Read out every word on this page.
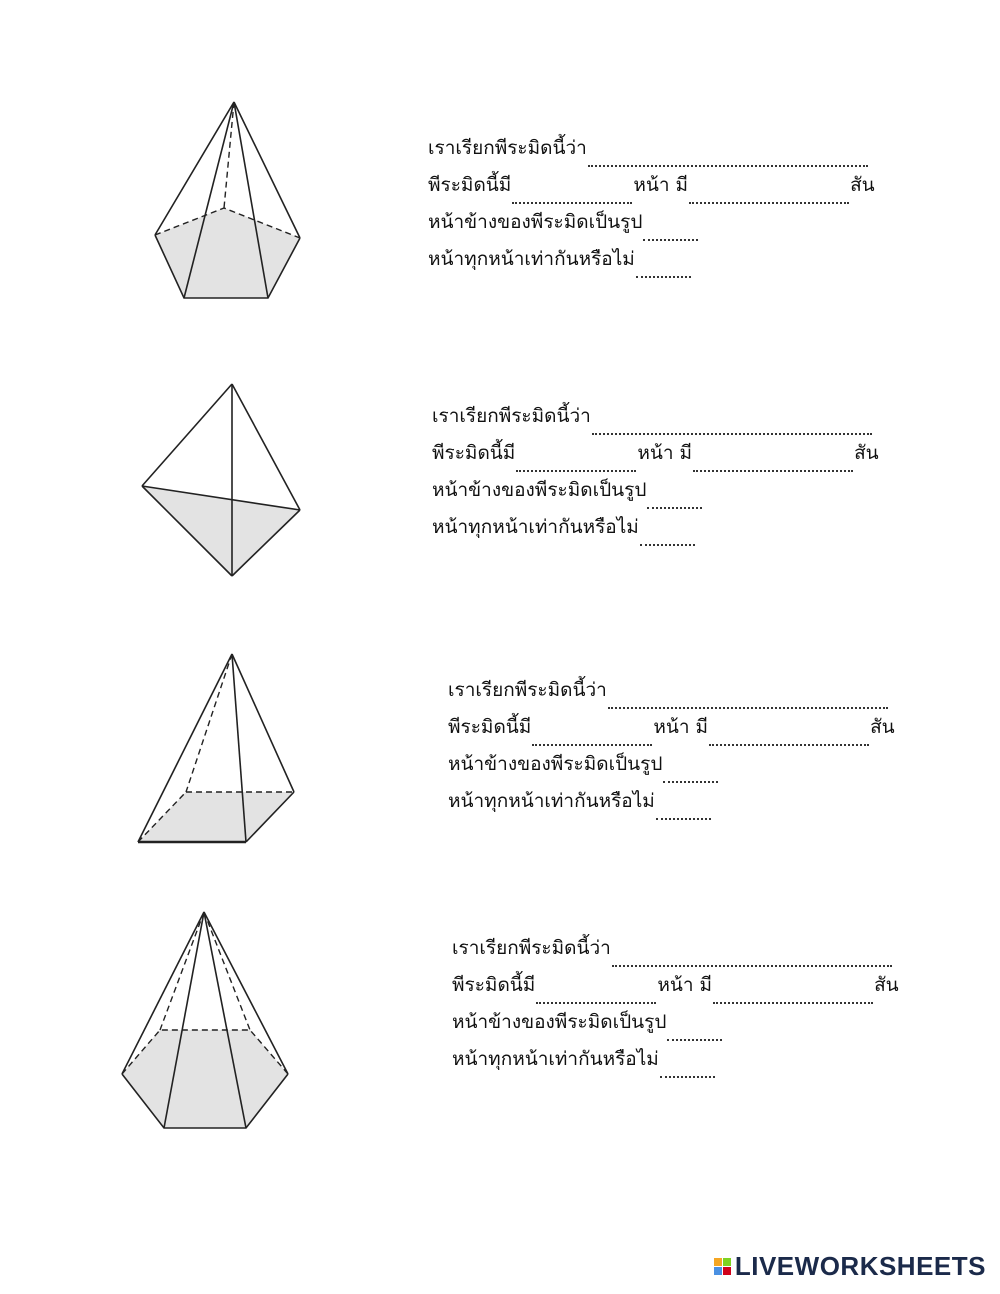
เราเรียกพีระมิดนี้ว่า
พีระมิดนี้มี	หน้า มี	สัน
หน้าข้างของพีระมิดเป็นรูป
หน้าทุกหน้าเท่ากันหรือไม่
เราเรียกพีระมิดนี้ว่า
พีระมิดนี้มี	หน้า มี	สัน
หน้าข้างของพีระมิดเป็นรูป
หน้าทุกหน้าเท่ากันหรือไม่
เราเรียกพีระมิดนี้ว่า
พีระมิดนี้มี	หน้า มี	สัน
หน้าข้างของพีระมิดเป็นรูป
หน้าทุกหน้าเท่ากันหรือไม่
เราเรียกพีระมิดนี้ว่า
พีระมิดนี้มี	หน้า มี	สัน
หน้าข้างของพีระมิดเป็นรูป
หน้าทุกหน้าเท่ากันหรือไม่
LIVEWORKSHEETS
